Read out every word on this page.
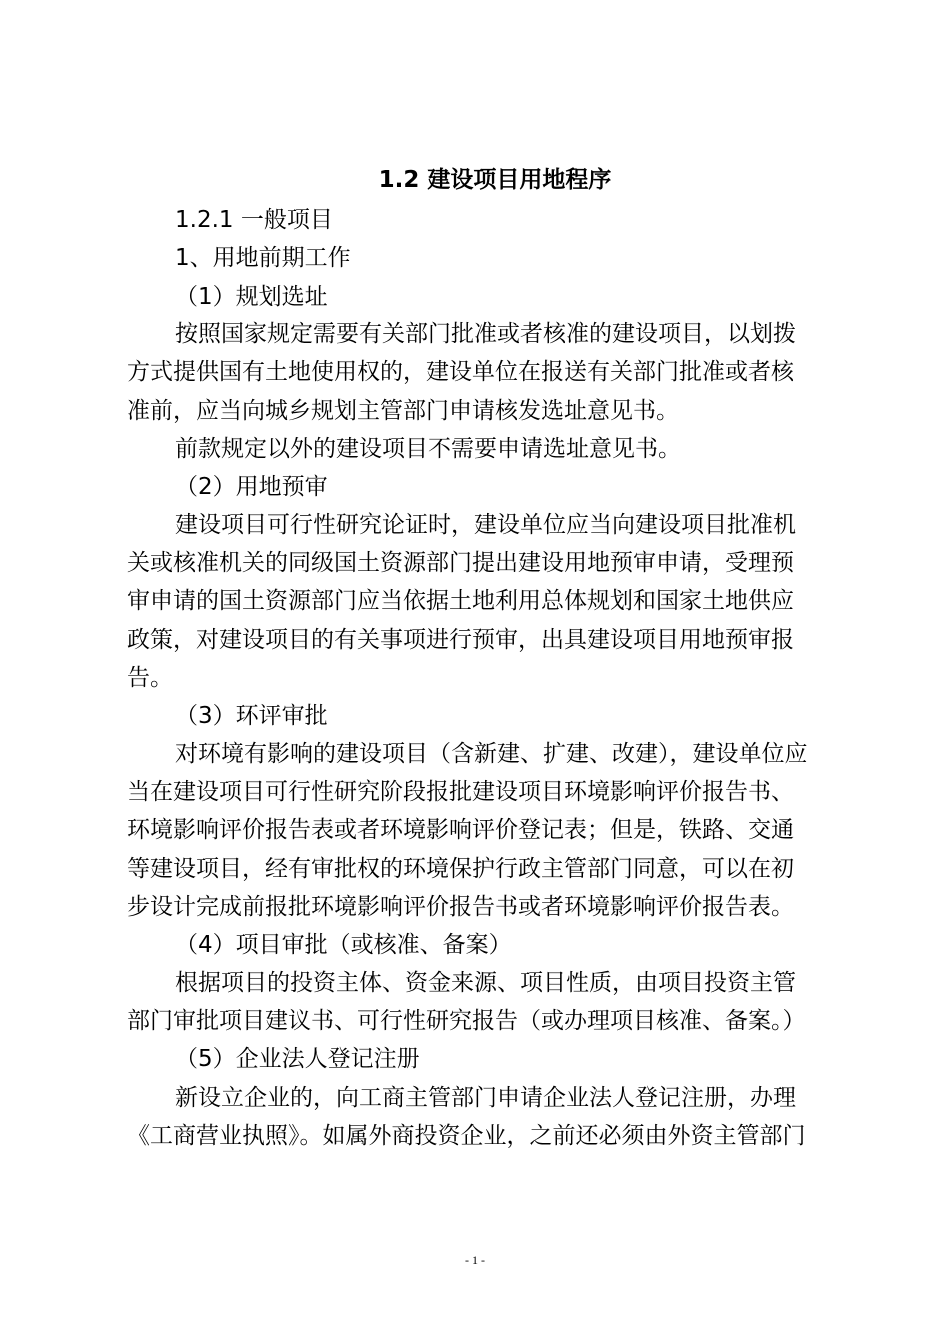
1.2 建设项目用地程序
1.2.1 一般项目
1、用地前期工作
（1）规划选址
按照国家规定需要有关部门批准或者核准的建设项目，以划拨
方式提供国有土地使用权的，建设单位在报送有关部门批准或者核
准前，应当向城乡规划主管部门申请核发选址意见书。
前款规定以外的建设项目不需要申请选址意见书。
（2）用地预审
建设项目可行性研究论证时，建设单位应当向建设项目批准机
关或核准机关的同级国土资源部门提出建设用地预审申请，受理预
审申请的国土资源部门应当依据土地利用总体规划和国家土地供应
政策，对建设项目的有关事项进行预审，出具建设项目用地预审报
告。
（3）环评审批
对环境有影响的建设项目（含新建、扩建、改建），建设单位应
当在建设项目可行性研究阶段报批建设项目环境影响评价报告书、
环境影响评价报告表或者环境影响评价登记表；但是，铁路、交通
等建设项目，经有审批权的环境保护行政主管部门同意，可以在初
步设计完成前报批环境影响评价报告书或者环境影响评价报告表。
（4）项目审批（或核准、备案）
根据项目的投资主体、资金来源、项目性质，由项目投资主管
部门审批项目建议书、可行性研究报告（或办理项目核准、备案。）
（5）企业法人登记注册
新设立企业的，向工商主管部门申请企业法人登记注册，办理
《工商营业执照》。如属外商投资企业，之前还必须由外资主管部门
- 1 -
